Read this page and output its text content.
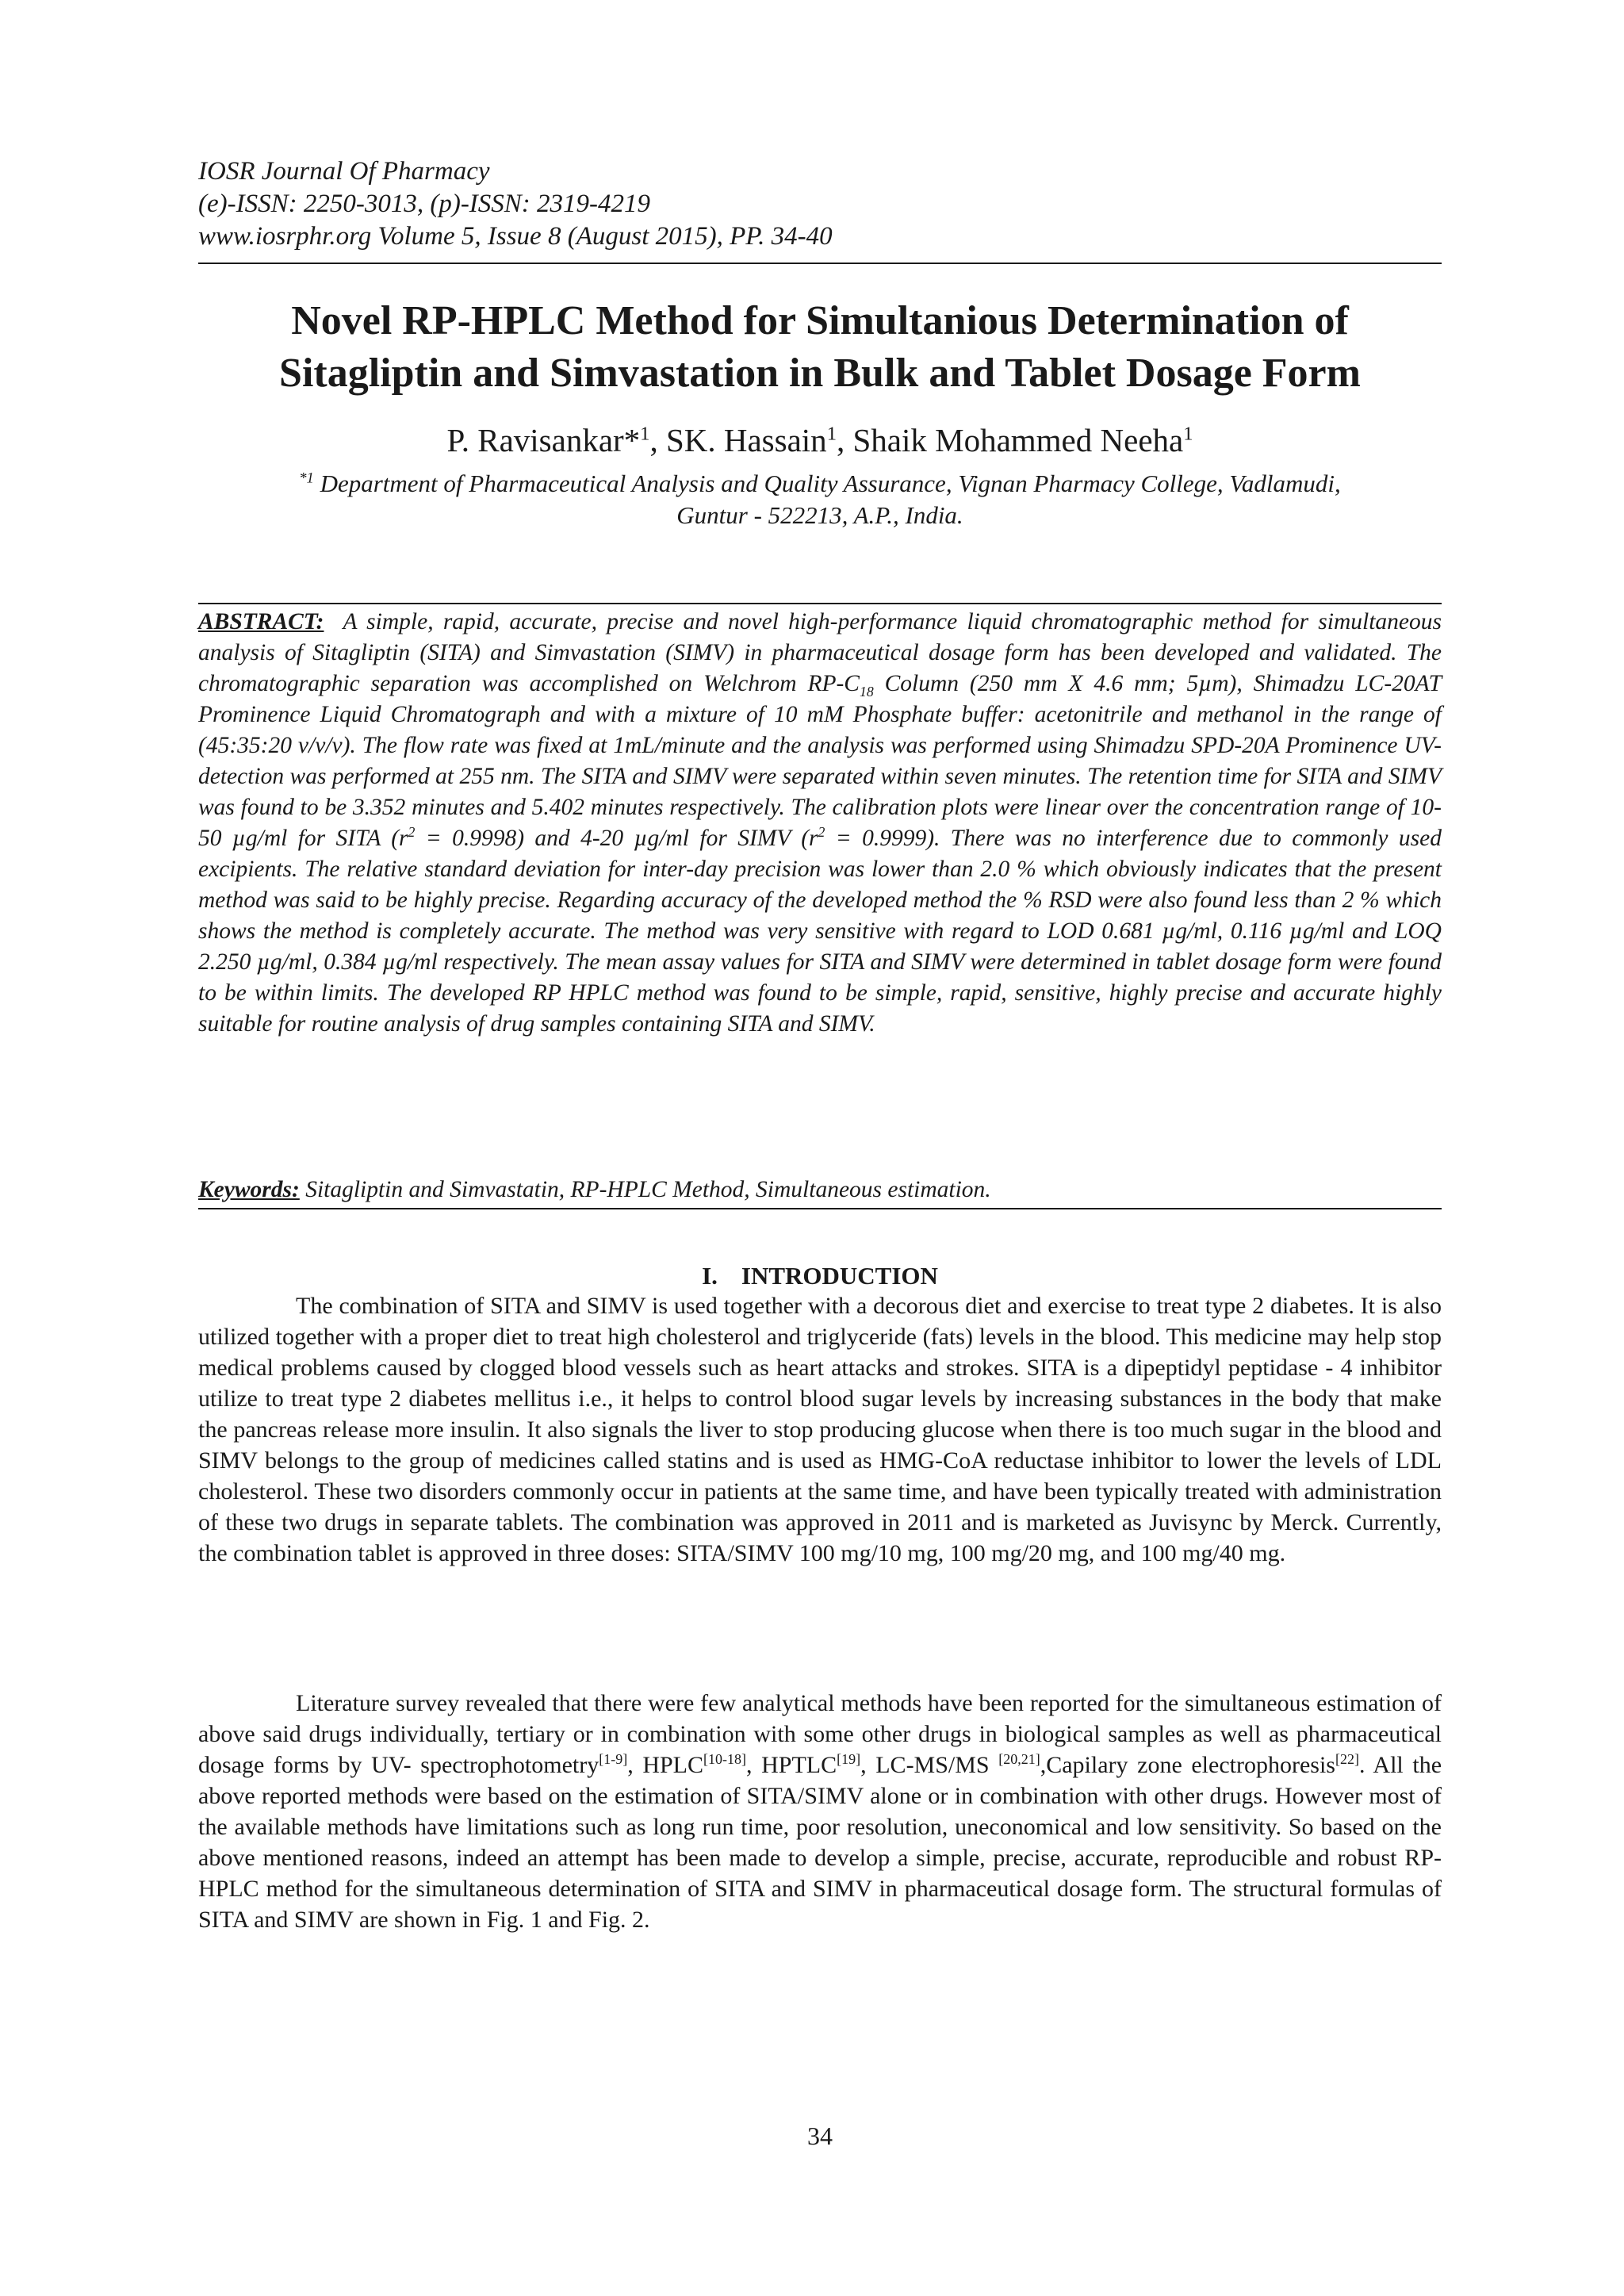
IOSR Journal Of Pharmacy
(e)-ISSN: 2250-3013, (p)-ISSN: 2319-4219
www.iosrphr.org Volume 5, Issue 8 (August 2015), PP. 34-40
Novel RP-HPLC Method for Simultanious Determination of
Sitagliptin and Simvastation in Bulk and Tablet Dosage Form
P. Ravisankar*$^1$, SK. Hassain$^1$, Shaik Mohammed Neeha$^1$
$^{*1}$ Department of Pharmaceutical Analysis and Quality Assurance, Vignan Pharmacy College, Vadlamudi,
Guntur - 522213, A.P., India.
ABSTRACT: A simple, rapid, accurate, precise and novel high-performance liquid chromatographic method for simultaneous analysis of Sitagliptin (SITA) and Simvastation (SIMV) in pharmaceutical dosage form has been developed and validated. The chromatographic separation was accomplished on Welchrom $RP-C_{18}$ Column (250 mm X 4.6 mm; 5µm), Shimadzu LC-20AT Prominence Liquid Chromatograph and with a mixture of 10 mM Phosphate buffer: acetonitrile and methanol in the range of (45:35:20 v/v/v). The flow rate was fixed at 1mL/minute and the analysis was performed using Shimadzu SPD-20A Prominence UV-detection was performed at 255 nm. The SITA and SIMV were separated within seven minutes. The retention time for SITA and SIMV was found to be 3.352 minutes and 5.402 minutes respectively. The calibration plots were linear over the concentration range of 10-50 µg/ml for SITA $(r^2 = 0.9998)$ and 4-20 µg/ml for SIMV $(r^2 = 0.9999)$. There was no interference due to commonly used excipients. The relative standard deviation for inter-day precision was lower than 2.0 % which obviously indicates that the present method was said to be highly precise. Regarding accuracy of the developed method the % RSD were also found less than 2 % which shows the method is completely accurate. The method was very sensitive with regard to LOD 0.681 µg/ml, 0.116 µg/ml and LOQ 2.250 µg/ml, 0.384 µg/ml respectively. The mean assay values for SITA and SIMV were determined in tablet dosage form were found to be within limits. The developed RP HPLC method was found to be simple, rapid, sensitive, highly precise and accurate highly suitable for routine analysis of drug samples containing SITA and SIMV.
Keywords: Sitagliptin and Simvastatin, RP-HPLC Method, Simultaneous estimation.
I. INTRODUCTION
The combination of SITA and SIMV is used together with a decorous diet and exercise to treat type 2 diabetes. It is also utilized together with a proper diet to treat high cholesterol and triglyceride (fats) levels in the blood. This medicine may help stop medical problems caused by clogged blood vessels such as heart attacks and strokes. SITA is a dipeptidyl peptidase - 4 inhibitor utilize to treat type 2 diabetes mellitus i.e., it helps to control blood sugar levels by increasing substances in the body that make the pancreas release more insulin. It also signals the liver to stop producing glucose when there is too much sugar in the blood and SIMV belongs to the group of medicines called statins and is used as HMG-CoA reductase inhibitor to lower the levels of LDL cholesterol. These two disorders commonly occur in patients at the same time, and have been typically treated with administration of these two drugs in separate tablets. The combination was approved in 2011 and is marketed as Juvisync by Merck. Currently, the combination tablet is approved in three doses: SITA/SIMV 100 mg/10 mg, 100 mg/20 mg, and 100 mg/40 mg.
Literature survey revealed that there were few analytical methods have been reported for the simultaneous estimation of above said drugs individually, tertiary or in combination with some other drugs in biological samples as well as pharmaceutical dosage forms by UV- spectrophotometry[1-9], HPLC[10-18], HPTLC[19], LC-MS/MS [20,21],Capilary zone electrophoresis[22]. All the above reported methods were based on the estimation of SITA/SIMV alone or in combination with other drugs. However most of the available methods have limitations such as long run time, poor resolution, uneconomical and low sensitivity. So based on the above mentioned reasons, indeed an attempt has been made to develop a simple, precise, accurate, reproducible and robust RP-HPLC method for the simultaneous determination of SITA and SIMV in pharmaceutical dosage form. The structural formulas of SITA and SIMV are shown in Fig. 1 and Fig. 2.
34
